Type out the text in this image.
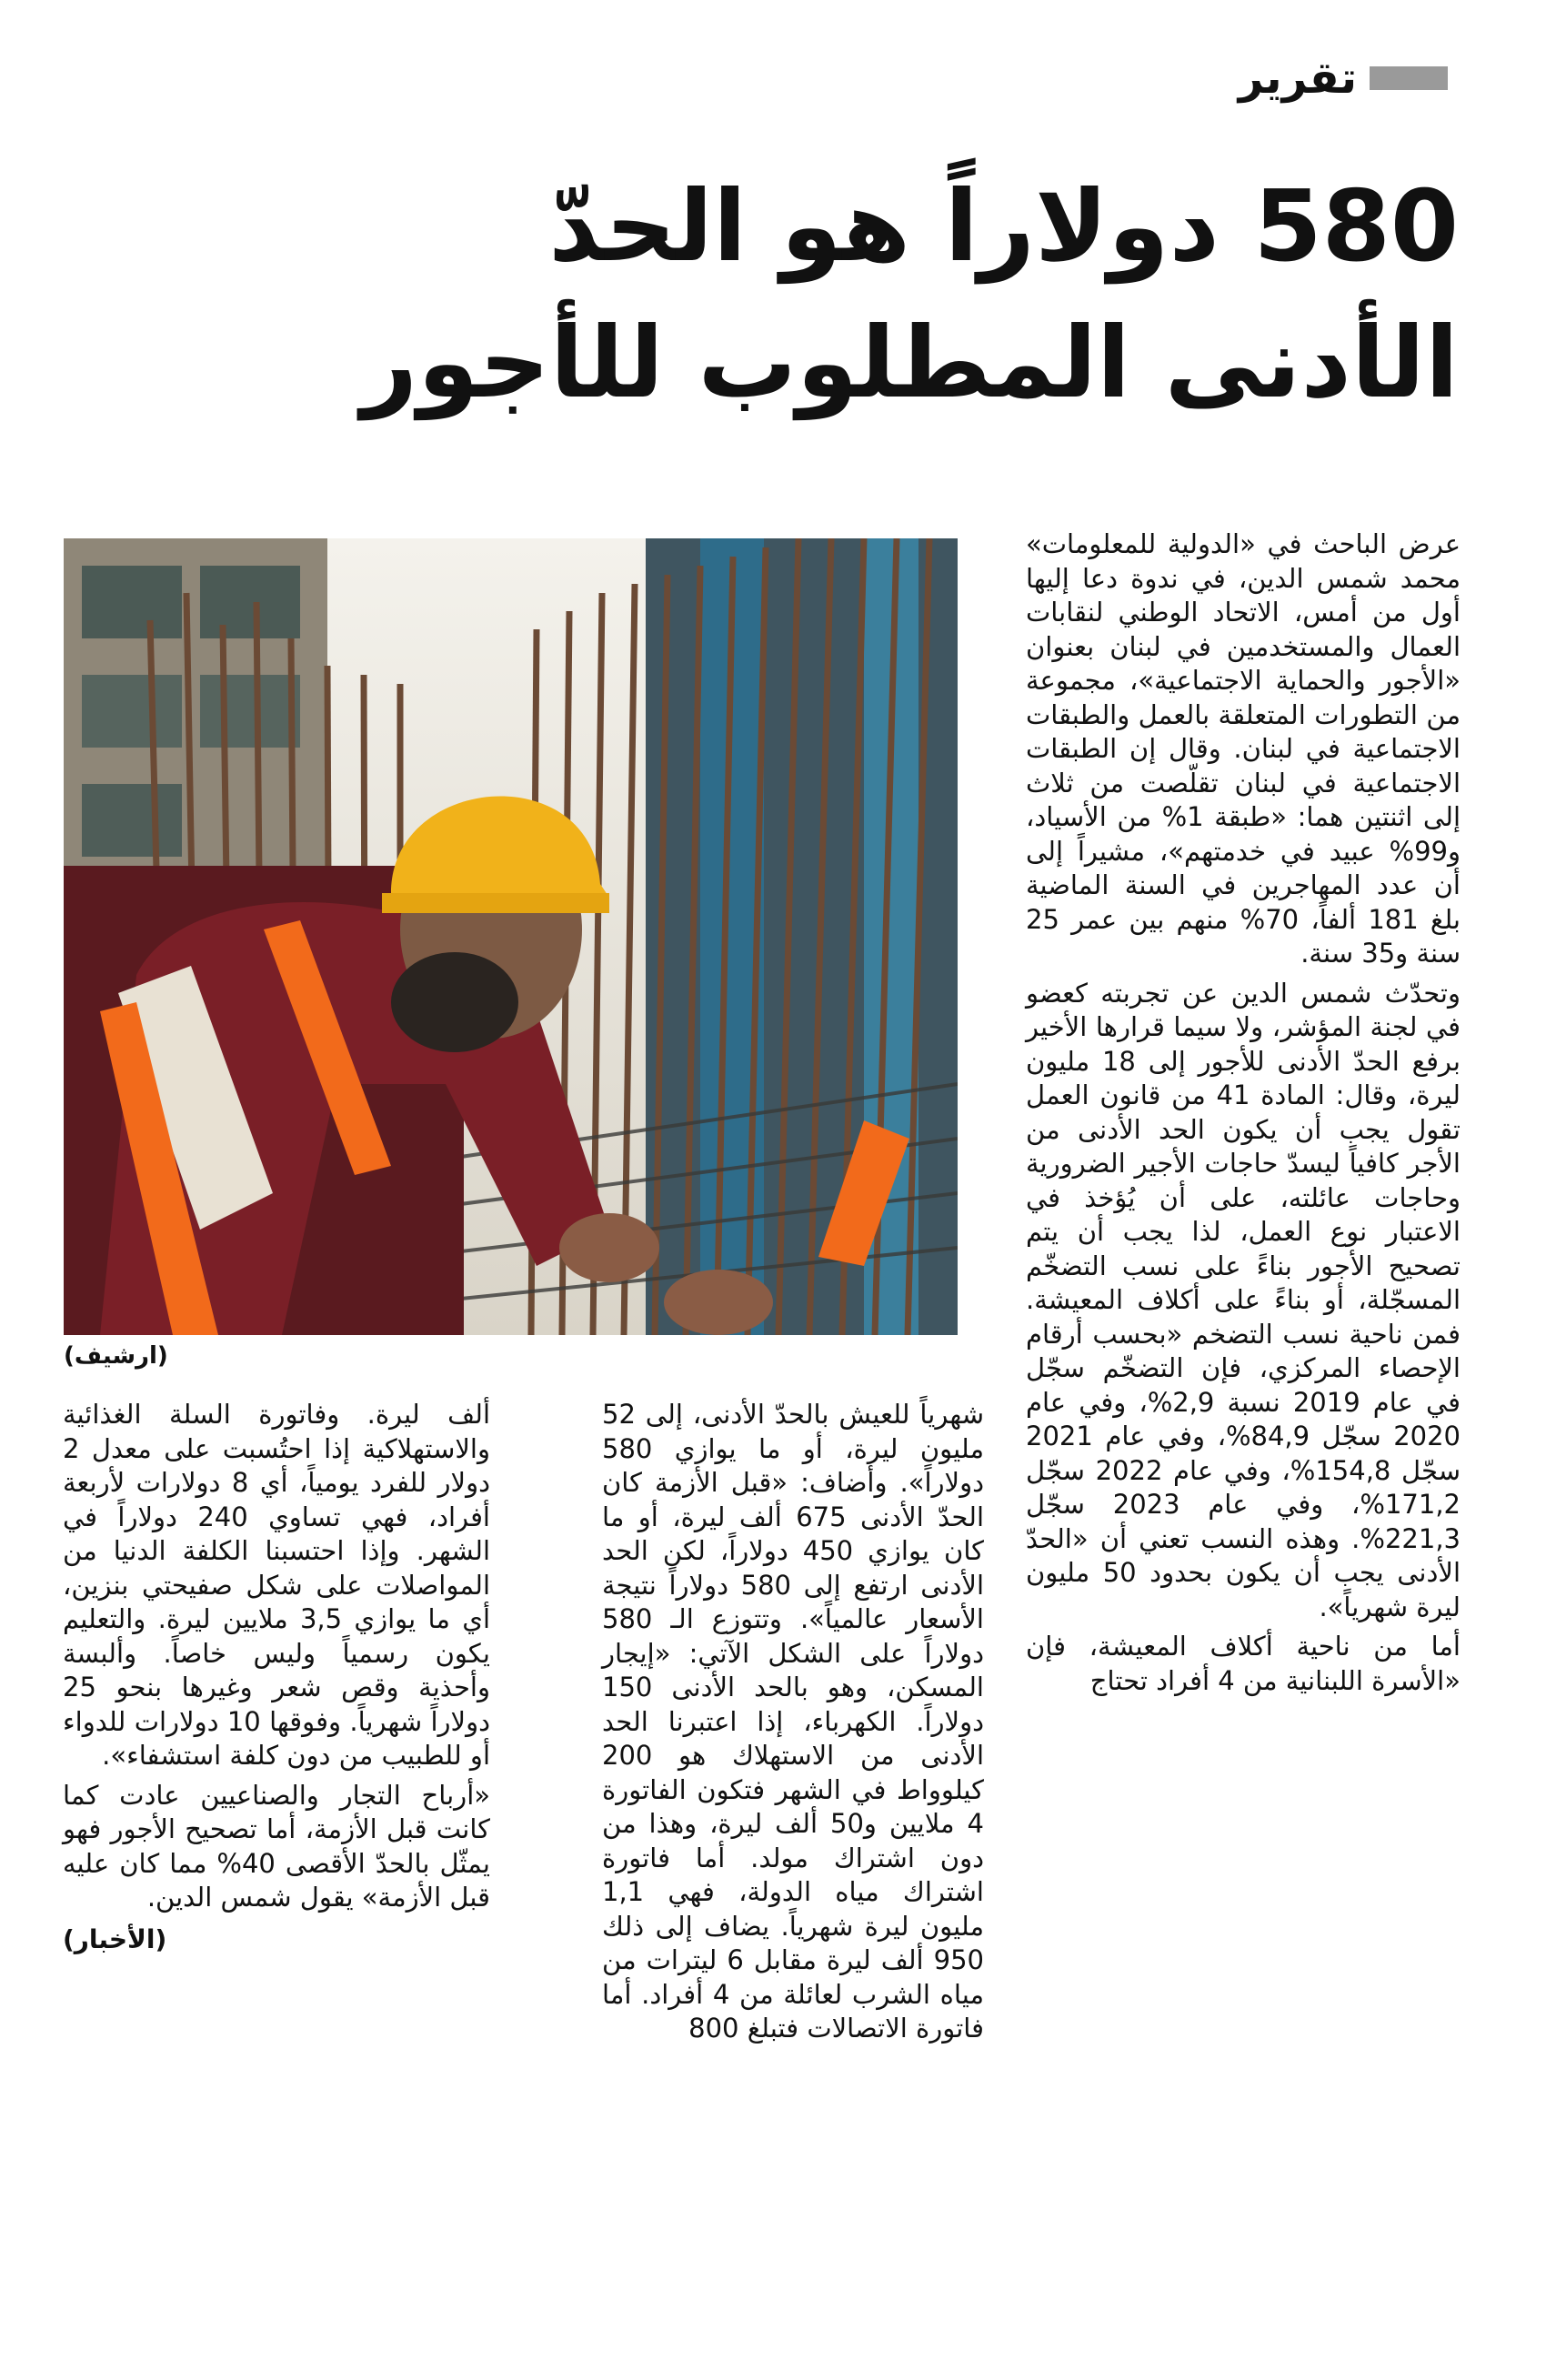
تقرير
580 دولاراً هو الحدّ
الأدنى المطلوب للأجور
(ارشيف)

عرض الباحث في «الدولية للمعلومات» محمد شمس الدين، في ندوة دعا إليها أول من أمس، الاتحاد الوطني لنقابات العمال والمستخدمين في لبنان بعنوان «الأجور والحماية الاجتماعية»، مجموعة من التطورات المتعلقة بالعمل والطبقات الاجتماعية في لبنان. وقال إن الطبقات الاجتماعية في لبنان تقلّصت من ثلاث إلى اثنتين هما: «طبقة 1% من الأسياد، و99% عبيد في خدمتهم»، مشيراً إلى أن عدد المهاجرين في السنة الماضية بلغ 181 ألفاً، 70% منهم بين عمر 25 سنة و35 سنة.

وتحدّث شمس الدين عن تجربته كعضو في لجنة المؤشر، ولا سيما قرارها الأخير برفع الحدّ الأدنى للأجور إلى 18 مليون ليرة، وقال: المادة 41 من قانون العمل تقول يجب أن يكون الحد الأدنى من الأجر كافياً ليسدّ حاجات الأجير الضرورية وحاجات عائلته، على أن يُؤخذ في الاعتبار نوع العمل، لذا يجب أن يتم تصحيح الأجور بناءً على نسب التضخّم المسجّلة، أو بناءً على أكلاف المعيشة. فمن ناحية نسب التضخم «بحسب أرقام الإحصاء المركزي، فإن التضخّم سجّل في عام 2019 نسبة 2,9%، وفي عام 2020 سجّل 84,9%، وفي عام 2021 سجّل 154,8%، وفي عام 2022 سجّل 171,2%، وفي عام 2023 سجّل 221,3%. وهذه النسب تعني أن «الحدّ الأدنى يجب أن يكون بحدود 50 مليون ليرة شهرياً».

أما من ناحية أكلاف المعيشة، فإن «الأسرة اللبنانية من 4 أفراد تحتاج

شهرياً للعيش بالحدّ الأدنى، إلى 52 مليون ليرة، أو ما يوازي 580 دولاراً». وأضاف: «قبل الأزمة كان الحدّ الأدنى 675 ألف ليرة، أو ما كان يوازي 450 دولاراً، لكن الحد الأدنى ارتفع إلى 580 دولاراً نتيجة الأسعار عالمياً». وتتوزع الـ 580 دولاراً على الشكل الآتي: «إيجار المسكن، وهو بالحد الأدنى 150 دولاراً. الكهرباء، إذا اعتبرنا الحد الأدنى من الاستهلاك هو 200 كيلوواط في الشهر فتكون الفاتورة 4 ملايين و50 ألف ليرة، وهذا من دون اشتراك مولد. أما فاتورة اشتراك مياه الدولة، فهي 1,1 مليون ليرة شهرياً. يضاف إلى ذلك 950 ألف ليرة مقابل 6 ليترات من مياه الشرب لعائلة من 4 أفراد. أما فاتورة الاتصالات فتبلغ 800

ألف ليرة. وفاتورة السلة الغذائية والاستهلاكية إذا احتُسبت على معدل 2 دولار للفرد يومياً، أي 8 دولارات لأربعة أفراد، فهي تساوي 240 دولاراً في الشهر. وإذا احتسبنا الكلفة الدنيا من المواصلات على شكل صفيحتي بنزين، أي ما يوازي 3,5 ملايين ليرة. والتعليم يكون رسمياً وليس خاصاً. وألبسة وأحذية وقص شعر وغيرها بنحو 25 دولاراً شهرياً. وفوقها 10 دولارات للدواء أو للطبيب من دون كلفة استشفاء».

«أرباح التجار والصناعيين عادت كما كانت قبل الأزمة، أما تصحيح الأجور فهو يمثّل بالحدّ الأقصى 40% مما كان عليه قبل الأزمة» يقول شمس الدين.

(الأخبار)
